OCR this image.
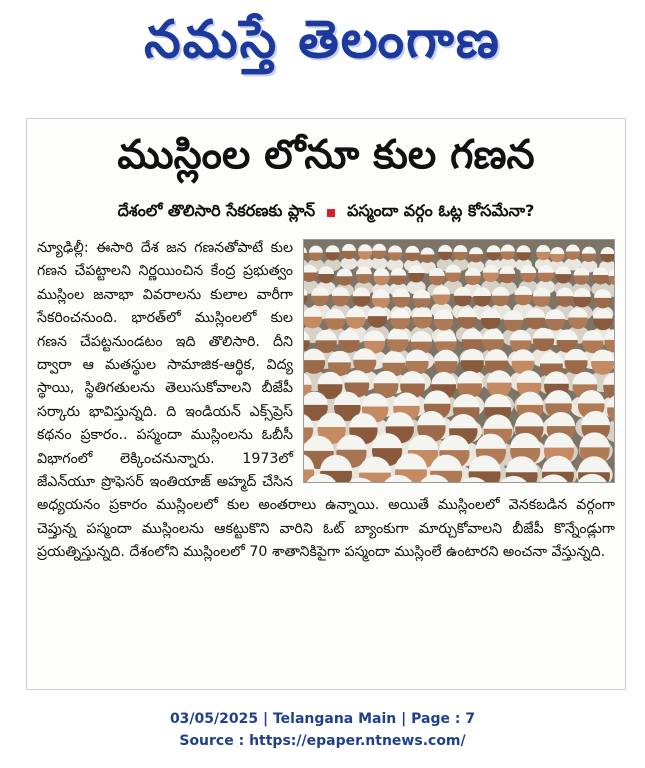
నమస్తే తెలంగాణ
ముస్లింల లోనూ కుల గణన
దేశంలో తొలిసారి సేకరణకు ప్లాన్ పస్మందా వర్గం ఓట్ల కోసమేనా?
న్యూఢిల్లీ: ఈసారి దేశ జన గణనతోపాటే కుల గణన చేపట్టాలని నిర్ణయించిన కేంద్ర ప్రభుత్వం ముస్లింల జనాభా వివరాలను కులాల వారీగా సేకరించనుంది. భారత్‌లో ముస్లింలలో కుల గణన చేపట్టనుండటం ఇది తొలిసారి. దీని ద్వారా ఆ మతస్థుల సామాజిక-ఆర్థిక, విద్య స్థాయి, స్థితిగతులను తెలుసుకోవాలని బీజేపీ సర్కారు భావిస్తున్నది. ది ఇండియన్ ఎక్స్‌ప్రెస్ కథనం ప్రకారం.. పస్మందా ముస్లింలను ఓబీసీ విభాగంలో లెక్కించనున్నారు. 1973లో జేఎన్‌యూ ప్రొఫెసర్ ఇంతియాజ్ అహ్మద్ చేసిన అధ్యయనం ప్రకారం ముస్లింలలో కుల అంతరాలు ఉన్నాయి. అయితే ముస్లింలలో వెనకబడిన వర్గంగా చెప్తున్న పస్మందా ముస్లింలను ఆకట్టుకొని వారిని ఓట్ బ్యాంకుగా మార్చుకోవాలని బీజేపీ కొన్నేండ్లుగా ప్రయత్నిస్తున్నది. దేశంలోని ముస్లింలలో 70 శాతానికిపైగా పస్మందా ముస్లింలే ఉంటారని అంచనా వేస్తున్నది.
03/05/2025 | Telangana Main | Page : 7
Source : https://epaper.ntnews.com/
